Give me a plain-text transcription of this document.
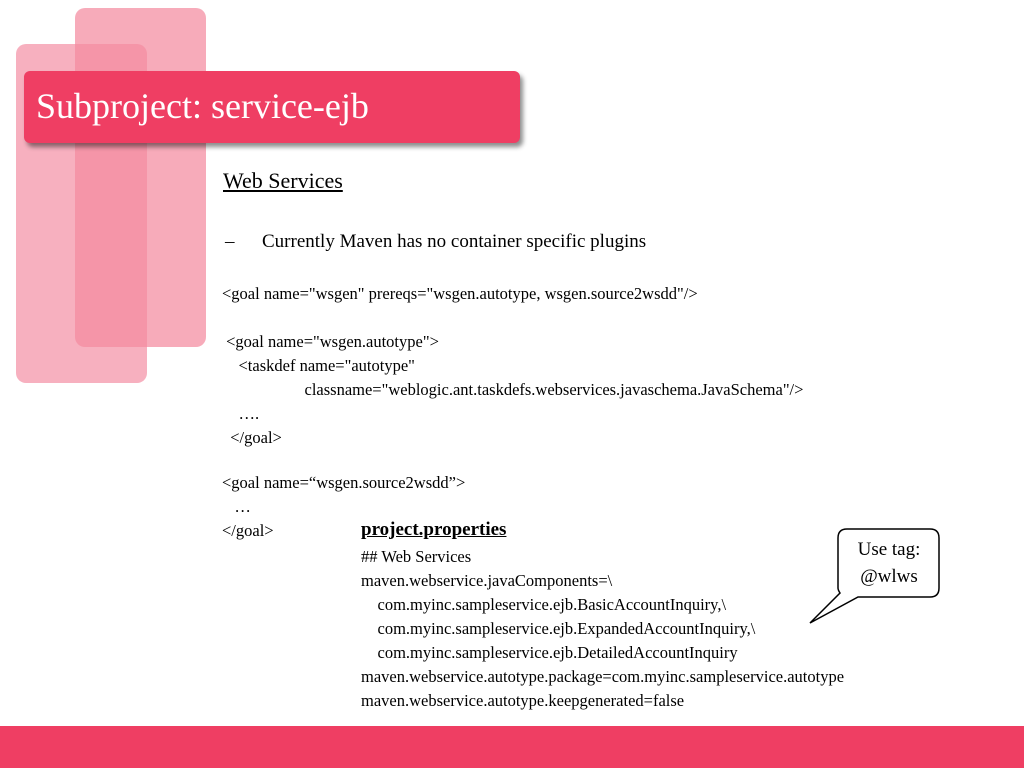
Subproject: service-ejb
Web Services
– Currently Maven has no container specific plugins
<goal name="wsgen" prereqs="wsgen.autotype, wsgen.source2wsdd"/>
<goal name="wsgen.autotype">
<taskdef name="autotype"
classname="weblogic.ant.taskdefs.webservices.javaschema.JavaSchema"/>
….
</goal>
<goal name=“wsgen.source2wsdd”>
…
</goal>	project.properties
## Web Services
maven.webservice.javaComponents=\
com.myinc.sampleservice.ejb.BasicAccountInquiry,\
com.myinc.sampleservice.ejb.ExpandedAccountInquiry,\
com.myinc.sampleservice.ejb.DetailedAccountInquiry
maven.webservice.autotype.package=com.myinc.sampleservice.autotype
maven.webservice.autotype.keepgenerated=false
Use tag:
@wlws
